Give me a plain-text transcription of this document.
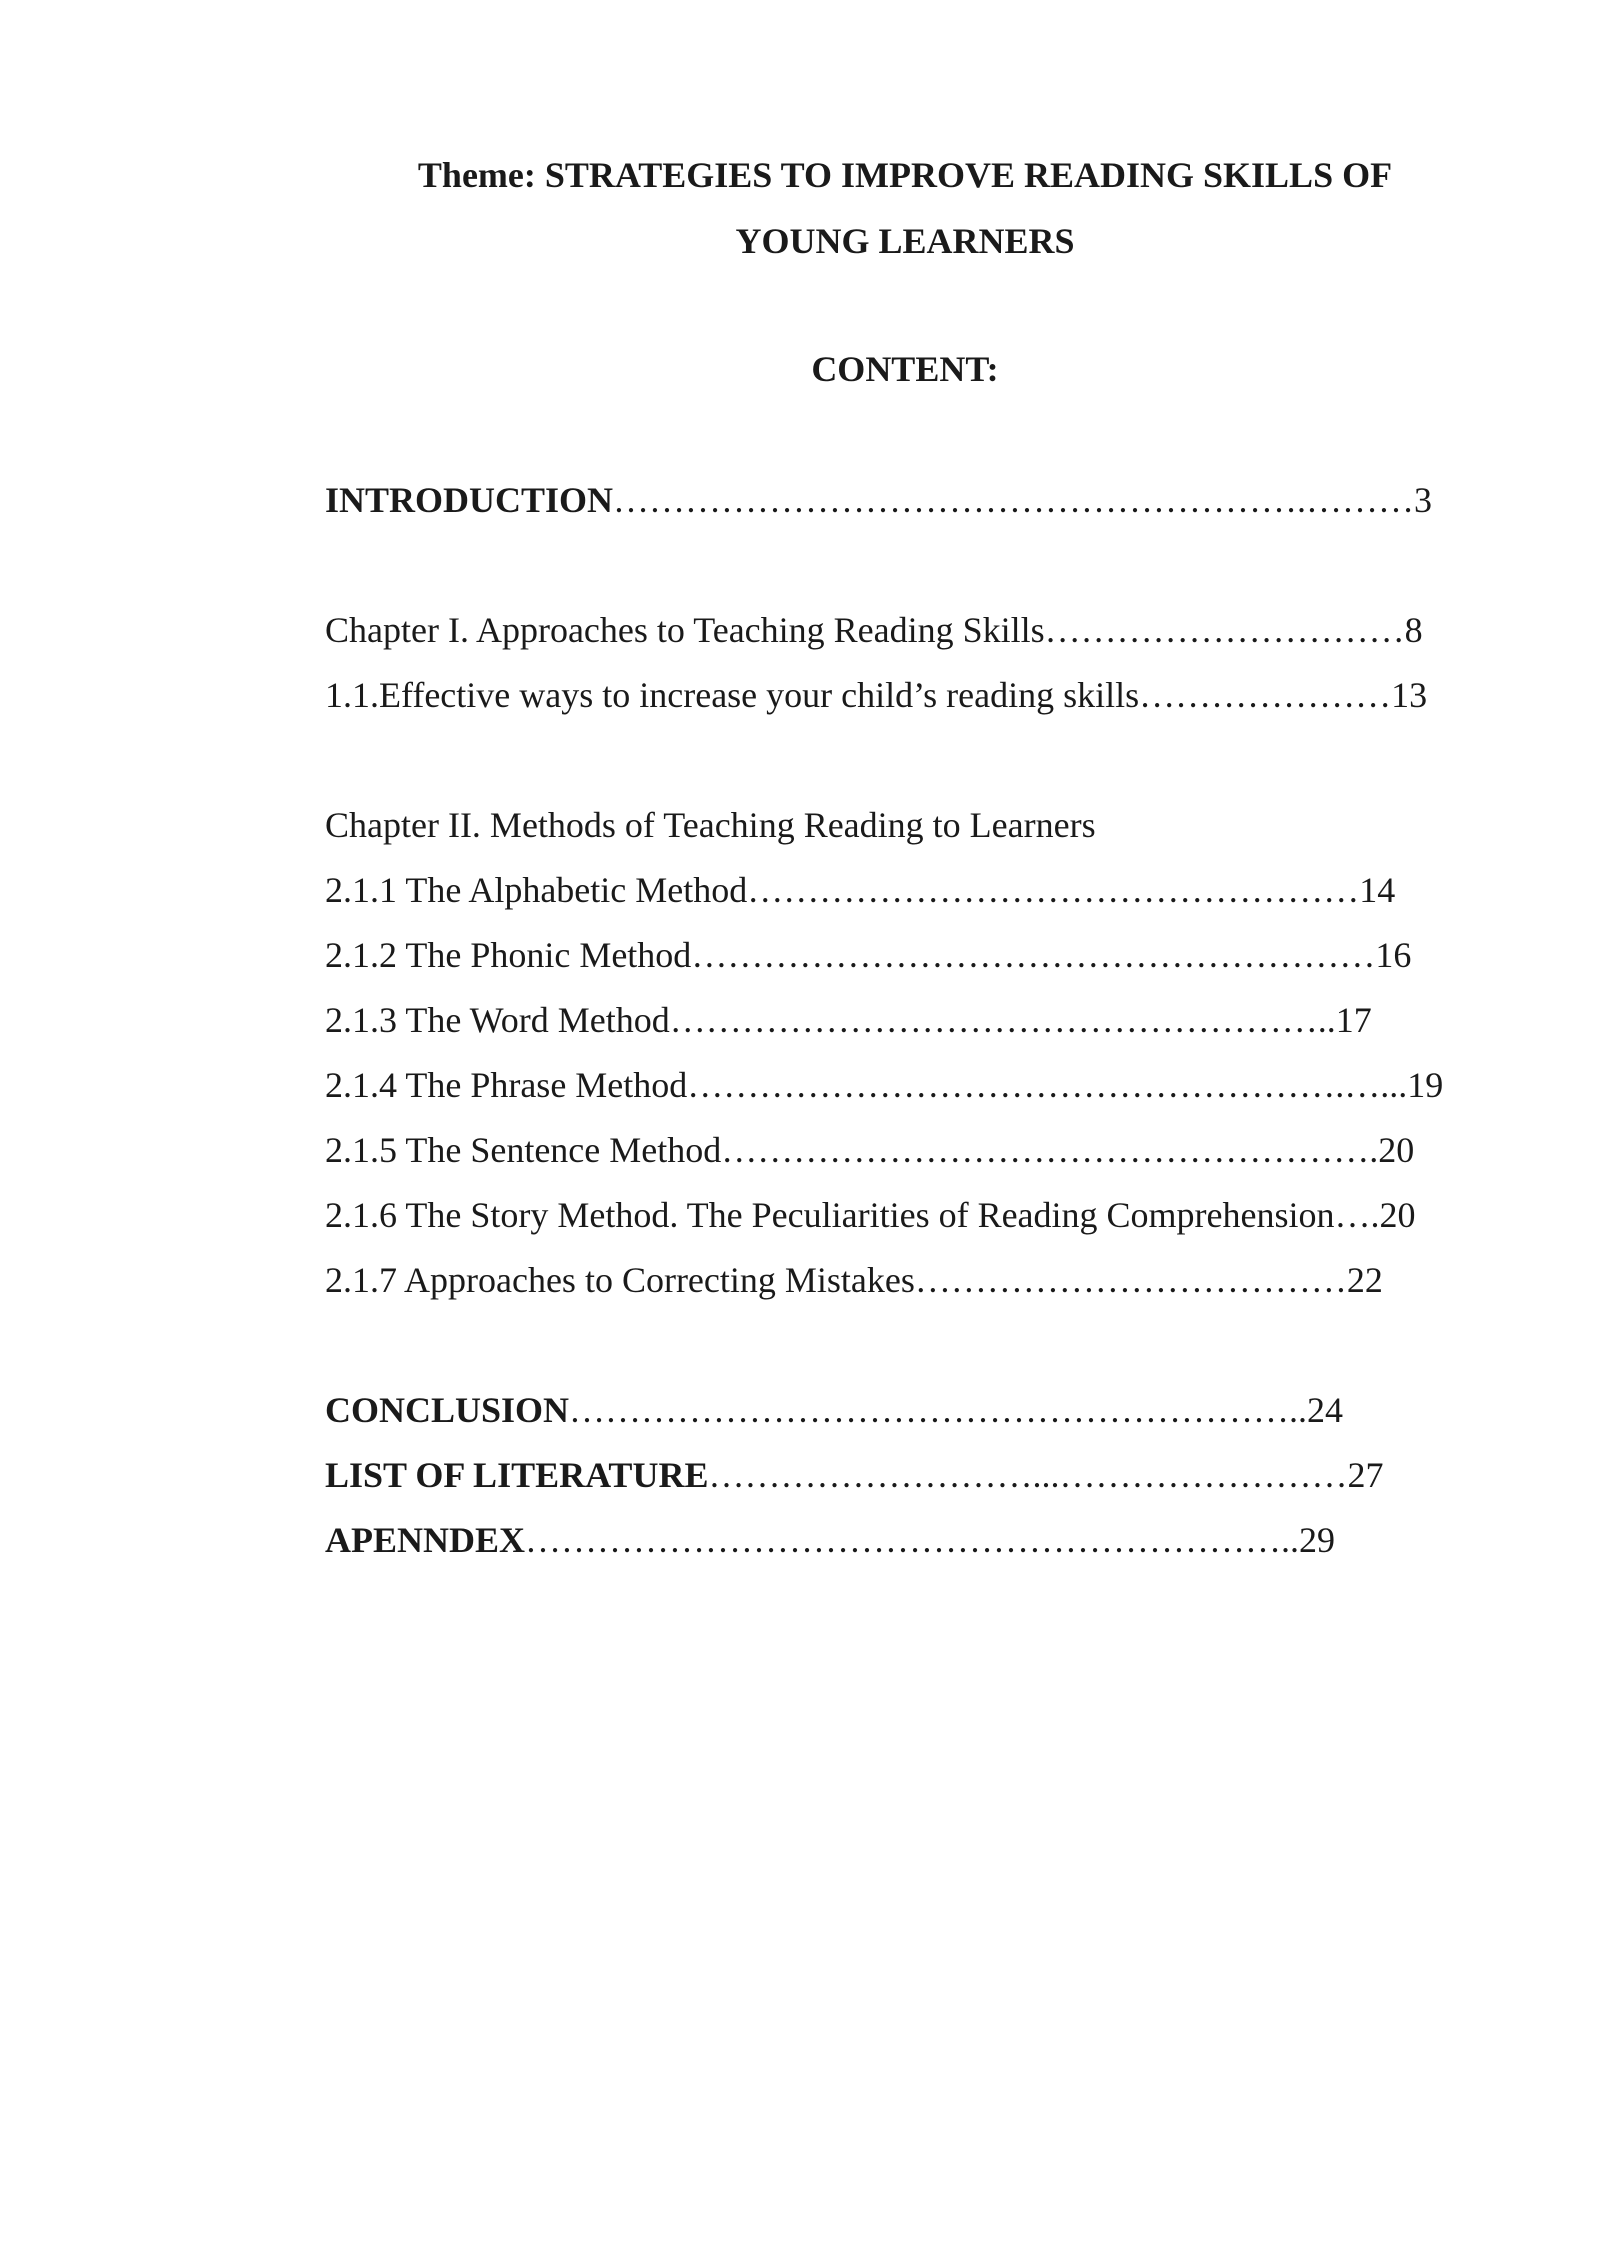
Theme: STRATEGIES TO IMPROVE READING SKILLS OF
YOUNG LEARNERS
CONTENT:
INTRODUCTION………………………………………………….………3
Chapter I. Approaches to Teaching Reading Skills…………………………8
1.1.Effective ways to increase your child’s reading skills…………………13
Chapter II. Methods of Teaching Reading to Learners
2.1.1 The Alphabetic Method……………………………………………14
2.1.2 The Phonic Method…………………………………………………16
2.1.3 The Word Method………………………………………………..17
2.1.4 The Phrase Method……………………………………………….…...19
2.1.5 The Sentence Method……………………………………………….20
2.1.6 The Story Method. The Peculiarities of Reading Comprehension….20
2.1.7 Approaches to Correcting Mistakes………………………………22
CONCLUSION……………………………………………………..24
LIST OF LITERATURE………………………...……………………27
APENNDEX………………………………………………………..29
